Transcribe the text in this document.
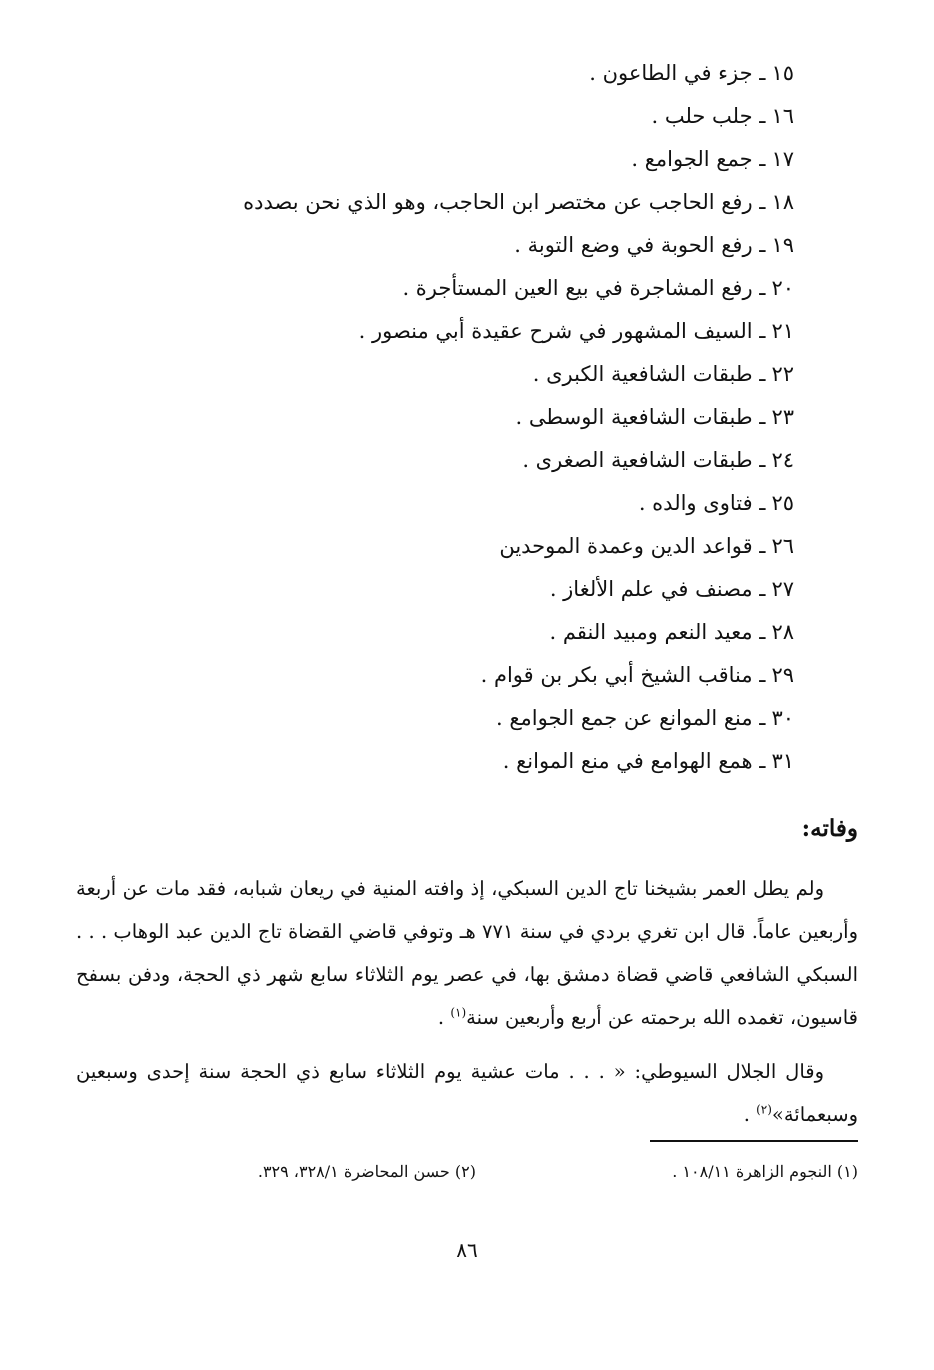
١٥ـ جزء في الطاعون .
١٦ـ جلب حلب .
١٧ـ جمع الجوامع .
١٨ـ رفع الحاجب عن مختصر ابن الحاجب، وهو الذي نحن بصدده
١٩ـ رفع الحوبة في وضع التوبة .
٢٠ـ رفع المشاجرة في بيع العين المستأجرة .
٢١ـ السيف المشهور في شرح عقيدة أبي منصور .
٢٢ـ طبقات الشافعية الكبرى .
٢٣ـ طبقات الشافعية الوسطى .
٢٤ـ طبقات الشافعية الصغرى .
٢٥ـ فتاوى والده .
٢٦ـ قواعد الدين وعمدة الموحدين
٢٧ـ مصنف في علم الألغاز .
٢٨ـ معيد النعم ومبيد النقم .
٢٩ـ مناقب الشيخ أبي بكر بن قوام .
٣٠ـ منع الموانع عن جمع الجوامع .
٣١ـ همع الهوامع في منع الموانع .
وفاته:

ولم يطل العمر بشيخنا تاج الدين السبكي، إذ وافته المنية في ريعان شبابه، فقد مات عن أربعة وأربعين عاماً. قال ابن تغري بردي في سنة ٧٧١ هـ وتوفي قاضي القضاة تاج الدين عبد الوهاب . . . السبكي الشافعي قاضي قضاة دمشق بها، في عصر يوم الثلاثاء سابع شهر ذي الحجة، ودفن بسفح قاسيون، تغمده الله برحمته عن أربع وأربعين سنة$^{(١)}$ .

وقال الجلال السيوطي: « . . . مات عشية يوم الثلاثاء سابع ذي الحجة سنة إحدى وسبعين وسبعمائة»$^{(٢)}$ .

(١) النجوم الزاهرة ١٠٨/١١ .
(٢) حسن المحاضرة ٣٢٨/١، ٣٢٩.
٨٦
